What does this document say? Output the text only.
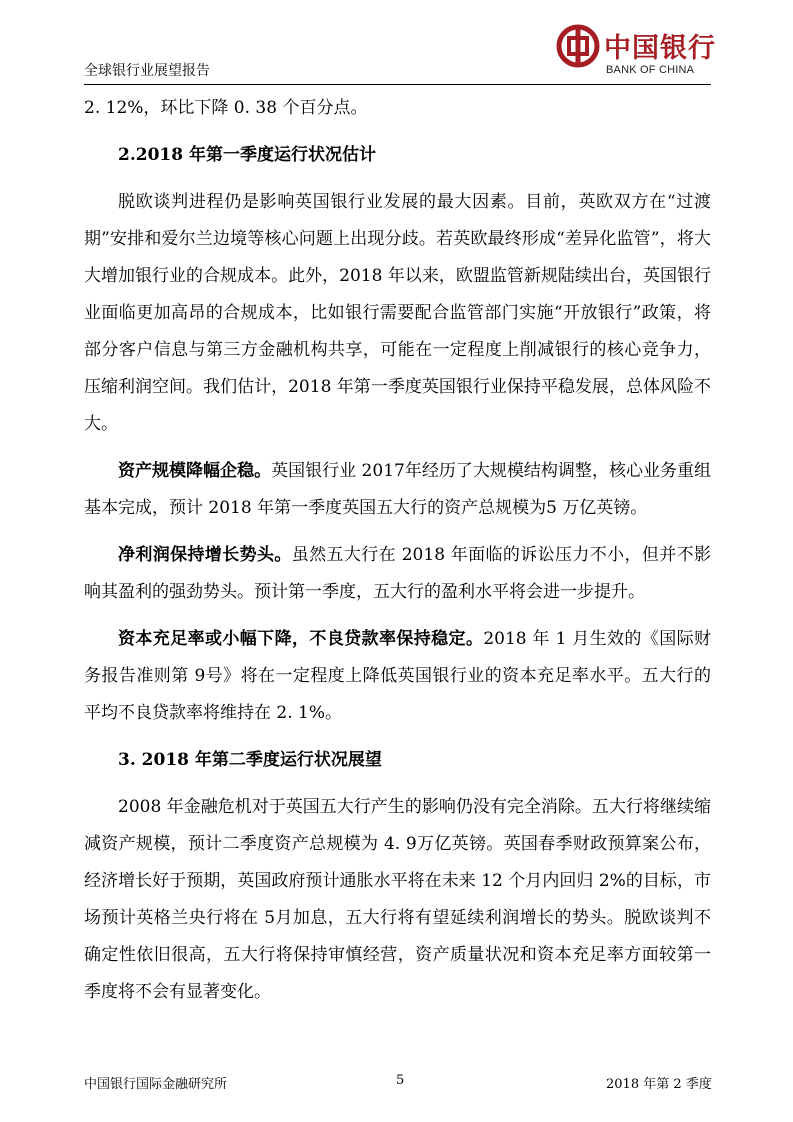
全球银行业展望报告
中国银行
BANK OF CHINA

2. 12%，环比下降 0. 38 个百分点。

2.2018 年第一季度运行状况估计

脱欧谈判进程仍是影响英国银行业发展的最大因素。目前，英欧双方在“过渡期”安排和爱尔兰边境等核心问题上出现分歧。若英欧最终形成“差异化监管”，将大大增加银行业的合规成本。此外，2018 年以来，欧盟监管新规陆续出台，英国银行业面临更加高昂的合规成本，比如银行需要配合监管部门实施“开放银行”政策，将部分客户信息与第三方金融机构共享，可能在一定程度上削减银行的核心竞争力，压缩利润空间。我们估计，2018 年第一季度英国银行业保持平稳发展，总体风险不大。

资产规模降幅企稳。英国银行业 2017年经历了大规模结构调整，核心业务重组基本完成，预计 2018 年第一季度英国五大行的资产总规模为5 万亿英镑。

净利润保持增长势头。虽然五大行在 2018 年面临的诉讼压力不小，但并不影响其盈利的强劲势头。预计第一季度，五大行的盈利水平将会进一步提升。

资本充足率或小幅下降，不良贷款率保持稳定。2018 年 1 月生效的《国际财务报告准则第 9号》将在一定程度上降低英国银行业的资本充足率水平。五大行的平均不良贷款率将维持在 2. 1%。

3. 2018 年第二季度运行状况展望

2008 年金融危机对于英国五大行产生的影响仍没有完全消除。五大行将继续缩减资产规模，预计二季度资产总规模为 4. 9万亿英镑。英国春季财政预算案公布，经济增长好于预期，英国政府预计通胀水平将在未来 12 个月内回归 2%的目标，市场预计英格兰央行将在 5月加息，五大行将有望延续利润增长的势头。脱欧谈判不确定性依旧很高，五大行将保持审慎经营，资产质量状况和资本充足率方面较第一季度将不会有显著变化。

中国银行国际金融研究所	5	2018 年第 2 季度
